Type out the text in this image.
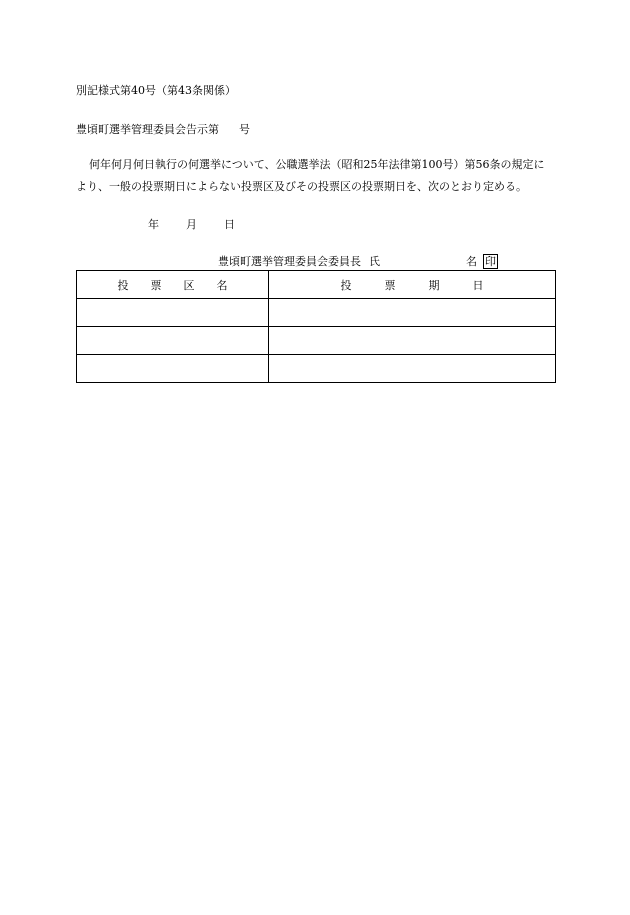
別記様式第40号（第43条関係）
豊頃町選挙管理委員会告示第 号
何年何月何日執行の何選挙について、公職選挙法（昭和25年法律第100号）第56条の規定に
より、一般の投票期日によらない投票区及びその投票区の投票期日を、次のとおり定める。
年 月 日
豊頃町選挙管理委員会委員長 氏	名 印
投　　票　　区　　名	投　　　票　　　期　　　日
